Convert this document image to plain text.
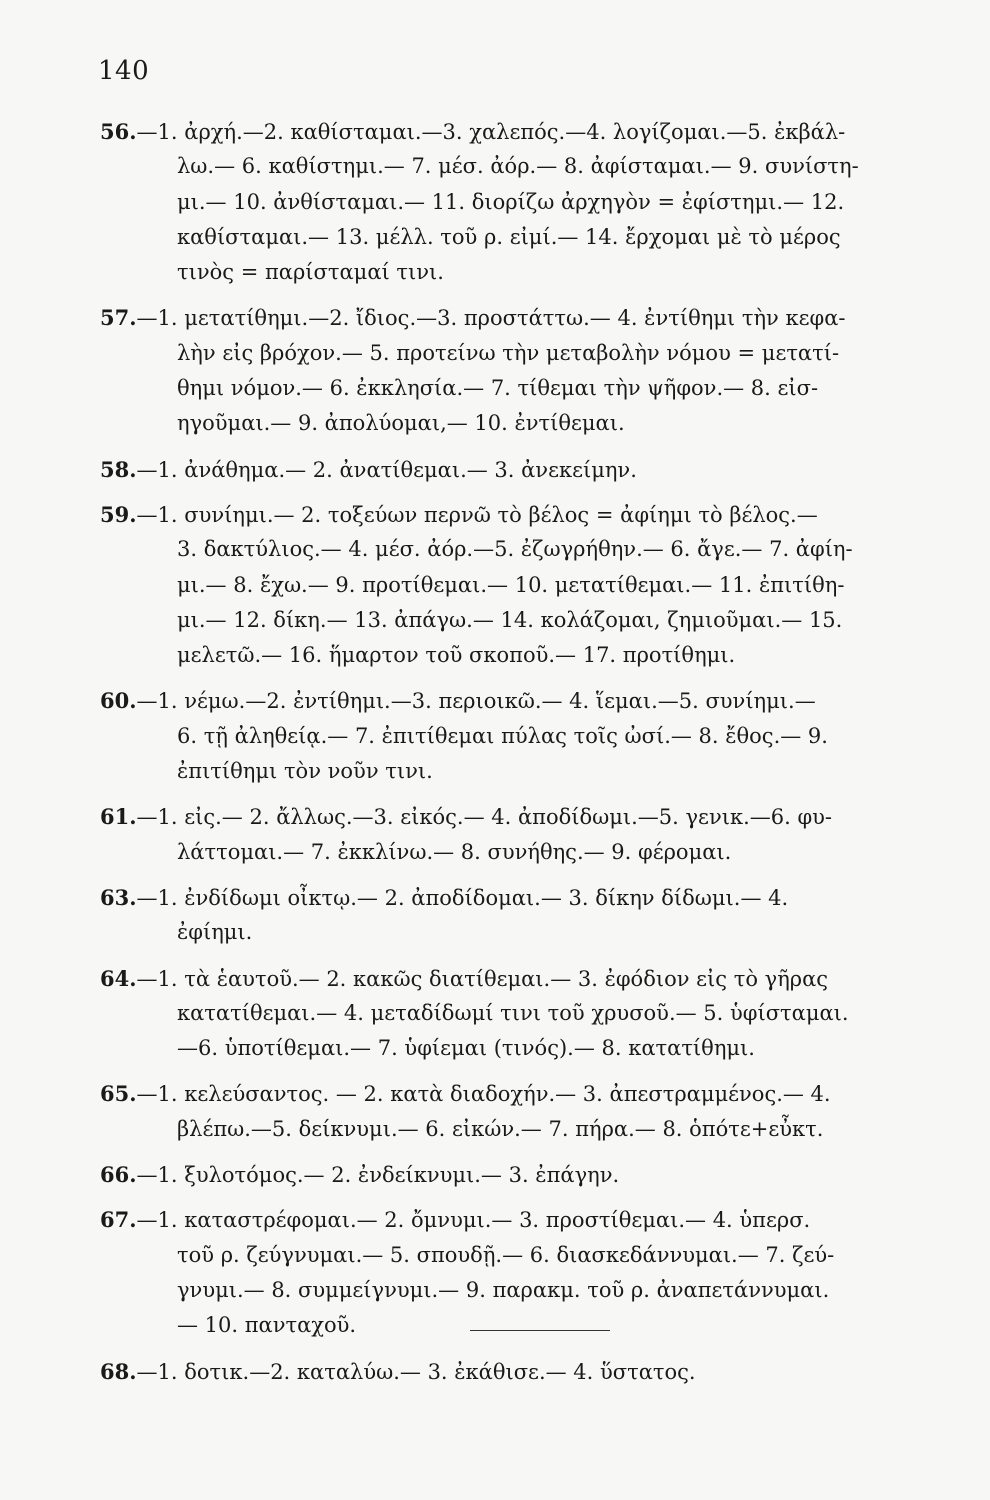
140
56.—1. ἀρχή.—2. καθίσταμαι.—3. χαλεπός.—4. λογίζομαι.—5. ἐκβάλ-
λω.— 6. καθίστημι.— 7. μέσ. ἀόρ.— 8. ἀφίσταμαι.— 9. συνίστη-
μι.— 10. ἀνθίσταμαι.— 11. διορίζω ἀρχηγὸν = ἐφίστημι.— 12.
καθίσταμαι.— 13. μέλλ. τοῦ ρ. εἰμί.— 14. ἔρχομαι μὲ τὸ μέρος
τινὸς = παρίσταμαί τινι.
57.—1. μετατίθημι.—2. ἴδιος.—3. προστάττω.— 4. ἐντίθημι τὴν κεφα-
λὴν εἰς βρόχον.— 5. προτείνω τὴν μεταβολὴν νόμου = μετατί-
θημι νόμον.— 6. ἐκκλησία.— 7. τίθεμαι τὴν ψῆφον.— 8. εἰσ-
ηγοῦμαι.— 9. ἀπολύομαι,— 10. ἐντίθεμαι.
58.—1. ἀνάθημα.— 2. ἀνατίθεμαι.— 3. ἀνεκείμην.
59.—1. συνίημι.— 2. τοξεύων περνῶ τὸ βέλος = ἀφίημι τὸ βέλος.—
3. δακτύλιος.— 4. μέσ. ἀόρ.—5. ἐζωγρήθην.— 6. ἄγε.— 7. ἀφίη-
μι.— 8. ἔχω.— 9. προτίθεμαι.— 10. μετατίθεμαι.— 11. ἐπιτίθη-
μι.— 12. δίκη.— 13. ἀπάγω.— 14. κολάζομαι, ζημιοῦμαι.— 15.
μελετῶ.— 16. ἥμαρτον τοῦ σκοποῦ.— 17. προτίθημι.
60.—1. νέμω.—2. ἐντίθημι.—3. περιοικῶ.— 4. ἵεμαι.—5. συνίημι.—
6. τῇ ἀληθείᾳ.— 7. ἐπιτίθεμαι πύλας τοῖς ὠσί.— 8. ἔθος.— 9.
ἐπιτίθημι τὸν νοῦν τινι.
61.—1. εἰς.— 2. ἄλλως.—3. εἰκός.— 4. ἀποδίδωμι.—5. γενικ.—6. φυ-
λάττομαι.— 7. ἐκκλίνω.— 8. συνήθης.— 9. φέρομαι.
63.—1. ἐνδίδωμι οἶκτῳ.— 2. ἀποδίδομαι.— 3. δίκην δίδωμι.— 4.
ἐφίημι.
64.—1. τὰ ἑαυτοῦ.— 2. κακῶς διατίθεμαι.— 3. ἐφόδιον εἰς τὸ γῆρας
κατατίθεμαι.— 4. μεταδίδωμί τινι τοῦ χρυσοῦ.— 5. ὑφίσταμαι.
—6. ὑποτίθεμαι.— 7. ὑφίεμαι (τινός).— 8. κατατίθημι.
65.—1. κελεύσαντος. — 2. κατὰ διαδοχήν.— 3. ἀπεστραμμένος.— 4.
βλέπω.—5. δείκνυμι.— 6. εἰκών.— 7. πήρα.— 8. ὁπότε+εὖκτ.
66.—1. ξυλοτόμος.— 2. ἐνδείκνυμι.— 3. ἐπάγην.
67.—1. καταστρέφομαι.— 2. ὄμνυμι.— 3. προστίθεμαι.— 4. ὑπερσ.
τοῦ ρ. ζεύγνυμαι.— 5. σπουδῇ.— 6. διασκεδάννυμαι.— 7. ζεύ-
γνυμι.— 8. συμμείγνυμι.— 9. παρακμ. τοῦ ρ. ἀναπετάννυμαι.
— 10. πανταχοῦ.
68.—1. δοτικ.—2. καταλύω.— 3. ἐκάθισε.— 4. ὕστατος.
